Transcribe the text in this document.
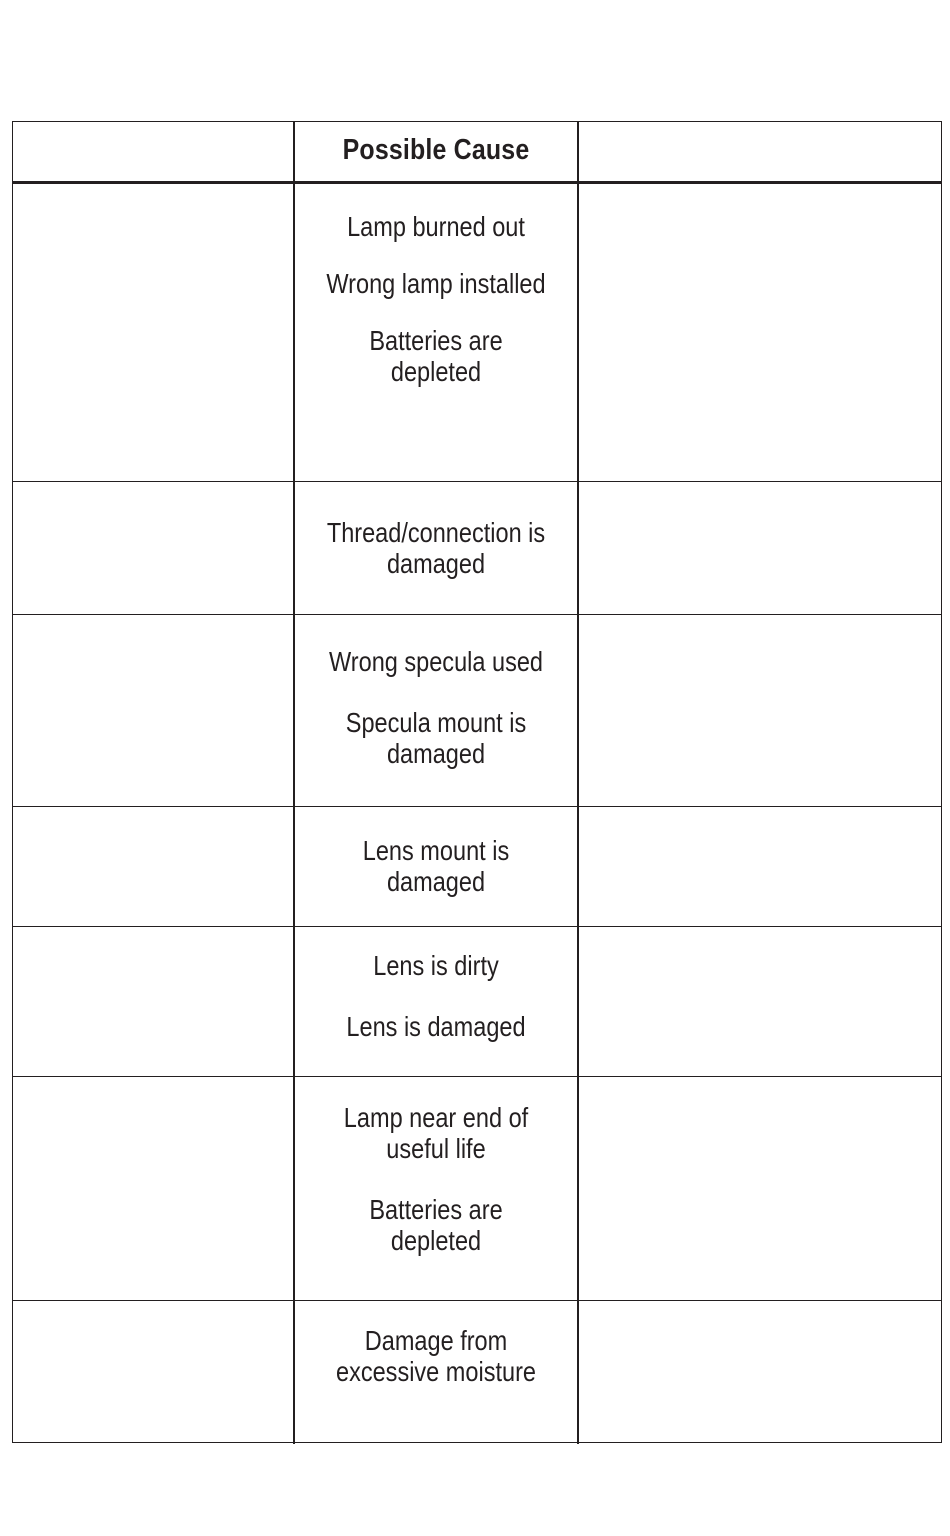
Possible Cause
Lamp burned out
Wrong lamp installed
Batteries are depleted
Thread/connection is damaged
Wrong specula used
Specula mount is damaged
Lens mount is damaged
Lens is dirty
Lens is damaged
Lamp near end of useful life
Batteries are depleted
Damage from excessive moisture
